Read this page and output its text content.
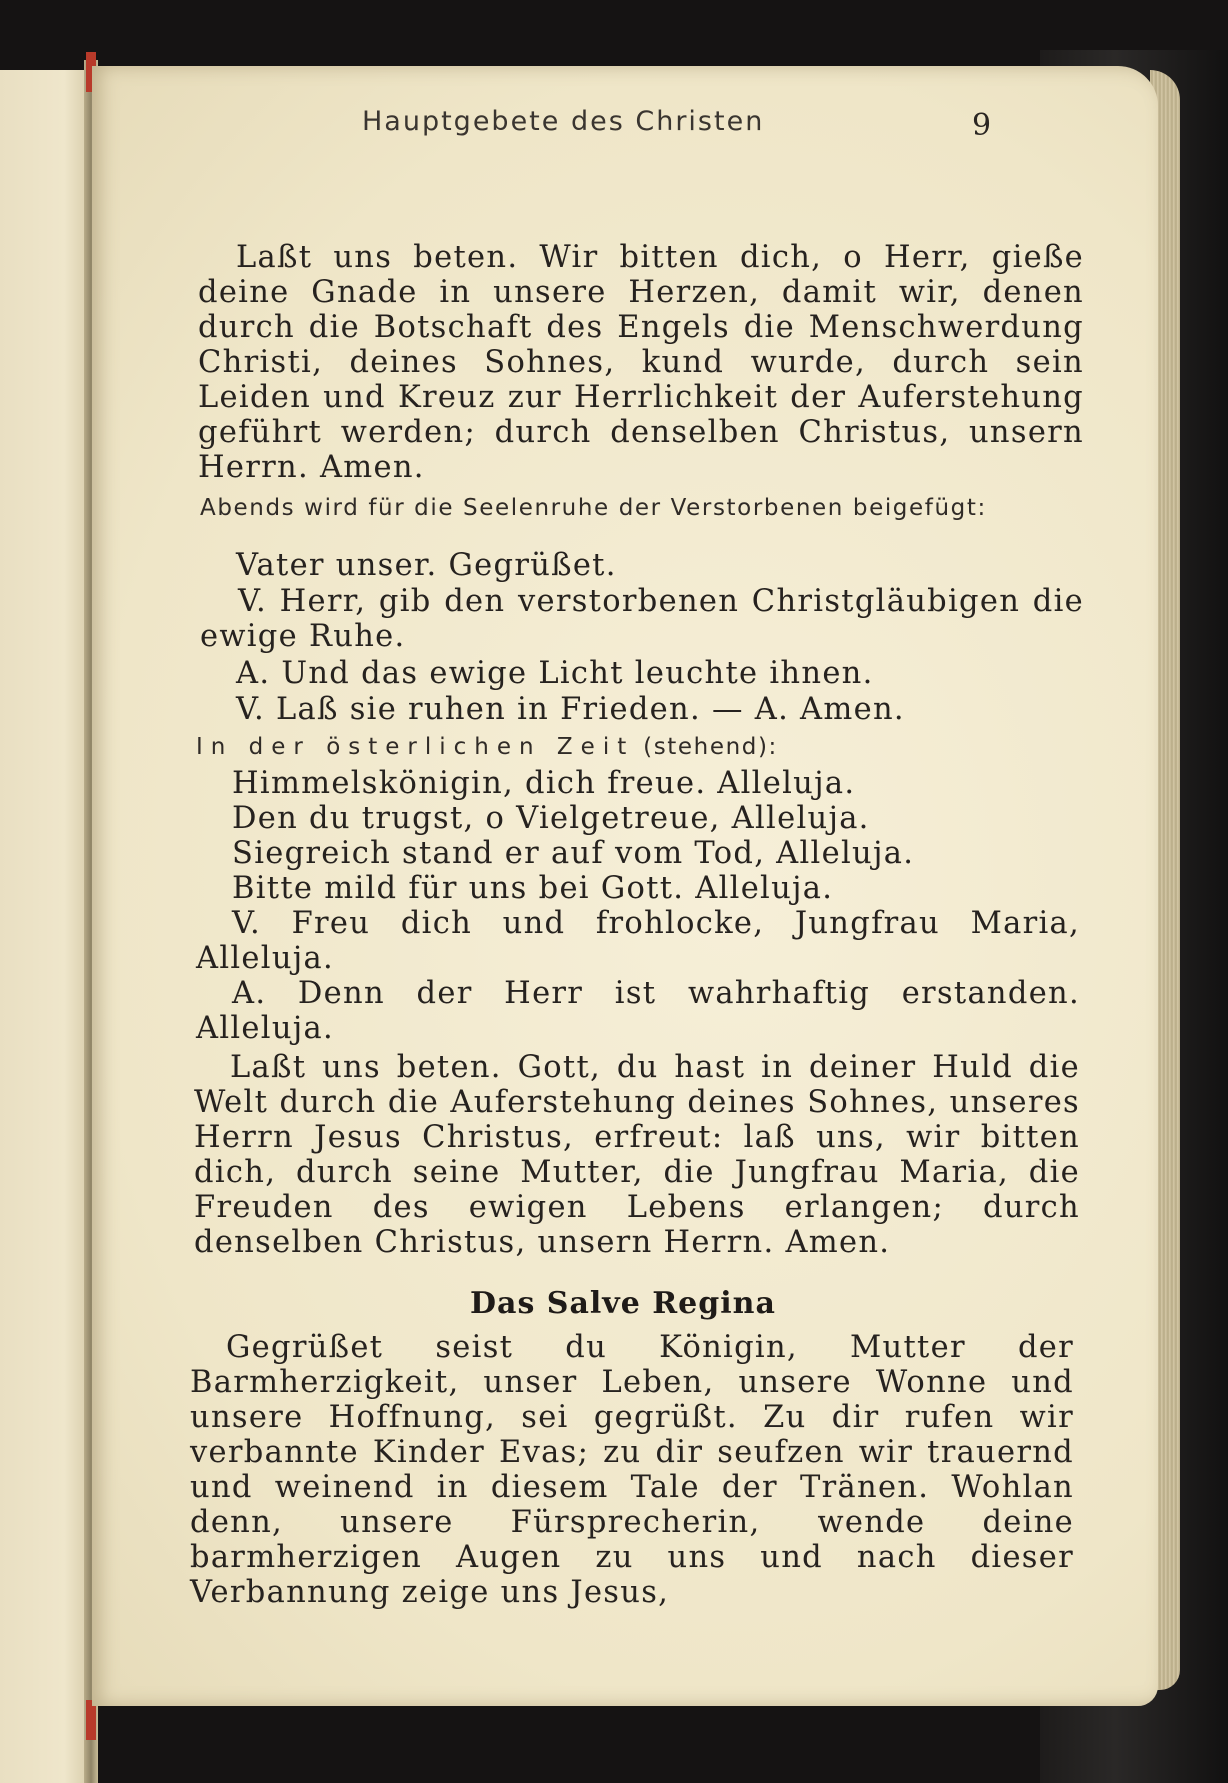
Hauptgebete des Christen	9

Laßt uns beten. Wir bitten dich, o Herr, gieße deine Gnade in unsere Herzen, damit wir, denen durch die Botschaft des Engels die Menschwerdung Christi, deines Sohnes, kund wurde, durch sein Leiden und Kreuz zur Herrlichkeit der Auferstehung geführt werden; durch denselben Christus, unsern Herrn. Amen.

Abends wird für die Seelenruhe der Verstorbenen beigefügt:

Vater unser. Gegrüßet.

V. Herr, gib den verstorbenen Christgläubigen die ewige Ruhe.

A. Und das ewige Licht leuchte ihnen.

V. Laß sie ruhen in Frieden. — A. Amen.

In der österlichen Zeit (stehend):

Himmelskönigin, dich freue. Alleluja.

Den du trugst, o Vielgetreue, Alleluja.

Siegreich stand er auf vom Tod, Alleluja.

Bitte mild für uns bei Gott. Alleluja.

V. Freu dich und frohlocke, Jungfrau Maria, Alleluja.

A. Denn der Herr ist wahrhaftig erstanden. Alleluja.

Laßt uns beten. Gott, du hast in deiner Huld die Welt durch die Auferstehung deines Sohnes, unseres Herrn Jesus Christus, erfreut: laß uns, wir bitten dich, durch seine Mutter, die Jungfrau Maria, die Freuden des ewigen Lebens erlangen; durch denselben Christus, unsern Herrn. Amen.

Das Salve Regina

Gegrüßet seist du Königin, Mutter der Barmherzigkeit, unser Leben, unsere Wonne und unsere Hoffnung, sei gegrüßt. Zu dir rufen wir verbannte Kinder Evas; zu dir seufzen wir trauernd und weinend in diesem Tale der Tränen. Wohlan denn, unsere Fürsprecherin, wende deine barmherzigen Augen zu uns und nach dieser Verbannung zeige uns Jesus,
